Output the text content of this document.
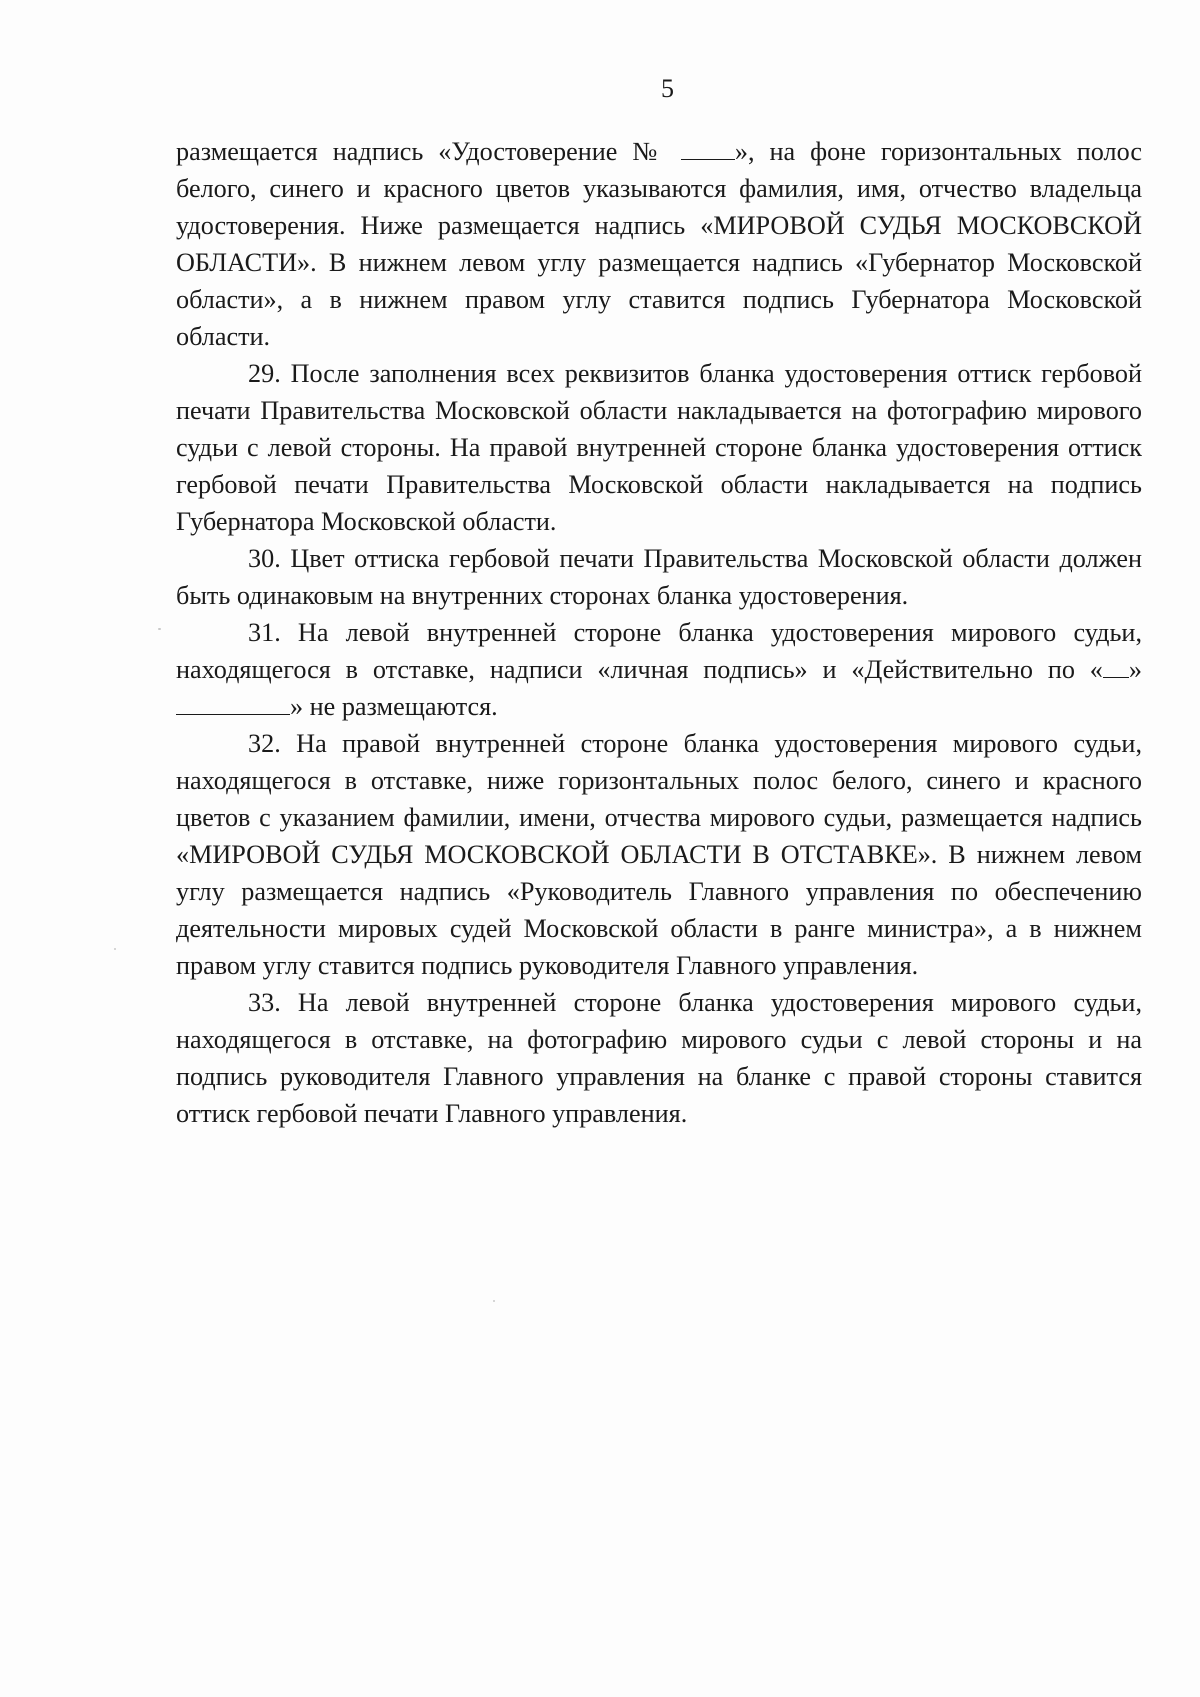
5

размещается надпись «Удостоверение № », на фоне горизонтальных полос белого, синего и красного цветов указываются фамилия, имя, отчество владельца удостоверения. Ниже размещается надпись «МИРОВОЙ СУДЬЯ МОСКОВСКОЙ ОБЛАСТИ». В нижнем левом углу размещается надпись «Губернатор Московской области», а в нижнем правом углу ставится подпись Губернатора Московской области.

29. После заполнения всех реквизитов бланка удостоверения оттиск гербовой печати Правительства Московской области накладывается на фотографию мирового судьи с левой стороны. На правой внутренней стороне бланка удостоверения оттиск гербовой печати Правительства Московской области накладывается на подпись Губернатора Московской области.

30. Цвет оттиска гербовой печати Правительства Московской области должен быть одинаковым на внутренних сторонах бланка удостоверения.

31. На левой внутренней стороне бланка удостоверения мирового судьи, находящегося в отставке, надписи «личная подпись» и «Действительно по « » » не размещаются.

32. На правой внутренней стороне бланка удостоверения мирового судьи, находящегося в отставке, ниже горизонтальных полос белого, синего и красного цветов с указанием фамилии, имени, отчества мирового судьи, размещается надпись «МИРОВОЙ СУДЬЯ МОСКОВСКОЙ ОБЛАСТИ В ОТСТАВКЕ». В нижнем левом углу размещается надпись «Руководитель Главного управления по обеспечению деятельности мировых судей Московской области в ранге министра», а в нижнем правом углу ставится подпись руководителя Главного управления.

33. На левой внутренней стороне бланка удостоверения мирового судьи, находящегося в отставке, на фотографию мирового судьи с левой стороны и на подпись руководителя Главного управления на бланке с правой стороны ставится оттиск гербовой печати Главного управления.
